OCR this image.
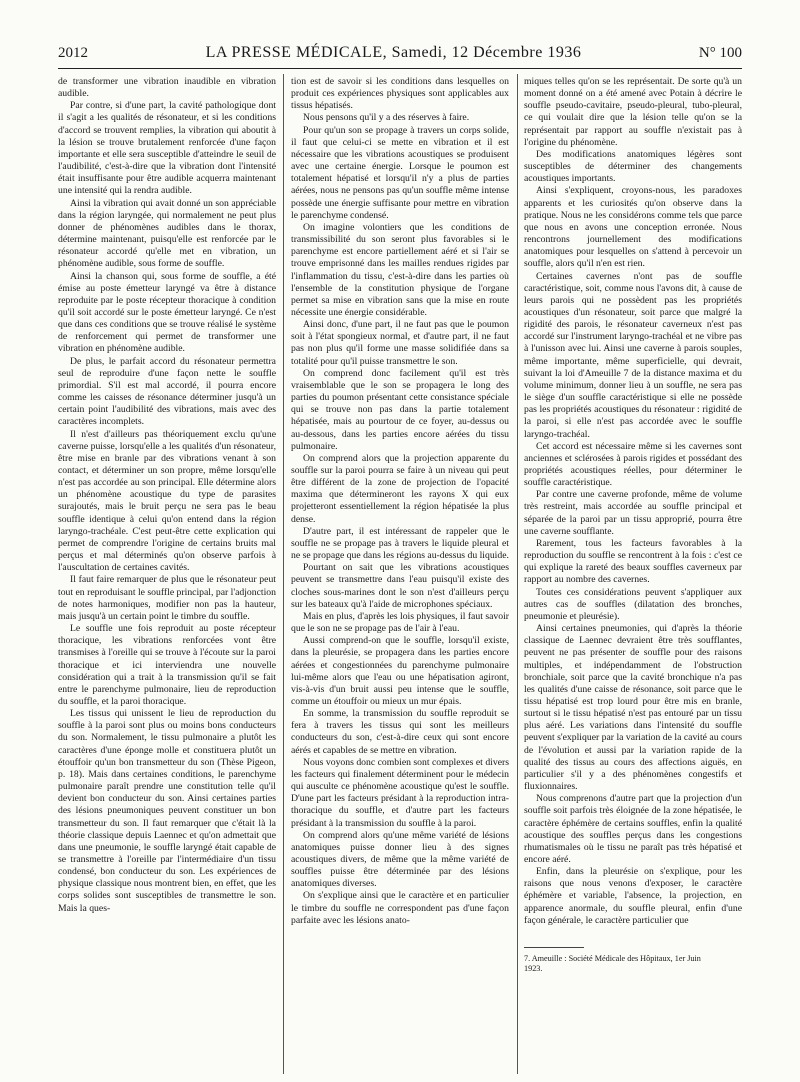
2012	LA PRESSE MÉDICALE, Samedi, 12 Décembre 1936	N° 100

de transformer une vibration inaudible en vibration audible.

Par contre, si d'une part, la cavité pathologique dont il s'agit a les qualités de résonateur, et si les conditions d'accord se trouvent remplies, la vibration qui aboutit à la lésion se trouve brutalement renforcée d'une façon importante et elle sera susceptible d'atteindre le seuil de l'audibilité, c'est-à-dire que la vibration dont l'intensité était insuffisante pour être audible acquerra maintenant une intensité qui la rendra audible.

Ainsi la vibration qui avait donné un son appréciable dans la région laryngée, qui normalement ne peut plus donner de phénomènes audibles dans le thorax, détermine maintenant, puisqu'elle est renforcée par le résonateur accordé qu'elle met en vibration, un phénomène audible, sous forme de souffle.

Ainsi la chanson qui, sous forme de souffle, a été émise au poste émetteur laryngé va être à distance reproduite par le poste récepteur thoracique à condition qu'il soit accordé sur le poste émetteur laryngé. Ce n'est que dans ces conditions que se trouve réalisé le système de renforcement qui permet de transformer une vibration en phénomène audible.

De plus, le parfait accord du résonateur permettra seul de reproduire d'une façon nette le souffle primordial. S'il est mal accordé, il pourra encore comme les caisses de résonance déterminer jusqu'à un certain point l'audibilité des vibrations, mais avec des caractères incomplets.

Il n'est d'ailleurs pas théoriquement exclu qu'une caverne puisse, lorsqu'elle a les qualités d'un résonateur, être mise en branle par des vibrations venant à son contact, et déterminer un son propre, même lorsqu'elle n'est pas accordée au son principal. Elle détermine alors un phénomène acoustique du type de parasites surajoutés, mais le bruit perçu ne sera pas le beau souffle identique à celui qu'on entend dans la région laryngo-trachéale. C'est peut-être cette explication qui permet de comprendre l'origine de certains bruits mal perçus et mal déterminés qu'on observe parfois à l'auscultation de certaines cavités.

Il faut faire remarquer de plus que le résonateur peut tout en reproduisant le souffle principal, par l'adjonction de notes harmoniques, modifier non pas la hauteur, mais jusqu'à un certain point le timbre du souffle.

Le souffle une fois reproduit au poste récepteur thoracique, les vibrations renforcées vont être transmises à l'oreille qui se trouve à l'écoute sur la paroi thoracique et ici interviendra une nouvelle considération qui a trait à la transmission qu'il se fait entre le parenchyme pulmonaire, lieu de reproduction du souffle, et la paroi thoracique.

Les tissus qui unissent le lieu de reproduction du souffle à la paroi sont plus ou moins bons conducteurs du son. Normalement, le tissu pulmonaire a plutôt les caractères d'une éponge molle et constituera plutôt un étouffoir qu'un bon transmetteur du son (Thèse Pigeon, p. 18). Mais dans certaines conditions, le parenchyme pulmonaire paraît prendre une constitution telle qu'il devient bon conducteur du son. Ainsi certaines parties des lésions pneumoniques peuvent constituer un bon transmetteur du son. Il faut remarquer que c'était là la théorie classique depuis Laennec et qu'on admettait que dans une pneumonie, le souffle laryngé était capable de se transmettre à l'oreille par l'intermédiaire d'un tissu condensé, bon conducteur du son. Les expériences de physique classique nous montrent bien, en effet, que les corps solides sont susceptibles de transmettre le son. Mais la ques-

tion est de savoir si les conditions dans lesquelles on produit ces expériences physiques sont applicables aux tissus hépatisés.

Nous pensons qu'il y a des réserves à faire.

Pour qu'un son se propage à travers un corps solide, il faut que celui-ci se mette en vibration et il est nécessaire que les vibrations acoustiques se produisent avec une certaine énergie. Lorsque le poumon est totalement hépatisé et lorsqu'il n'y a plus de parties aérées, nous ne pensons pas qu'un souffle même intense possède une énergie suffisante pour mettre en vibration le parenchyme condensé.

On imagine volontiers que les conditions de transmissibilité du son seront plus favorables si le parenchyme est encore partiellement aéré et si l'air se trouve emprisonné dans les mailles rendues rigides par l'inflammation du tissu, c'est-à-dire dans les parties où l'ensemble de la constitution physique de l'organe permet sa mise en vibration sans que la mise en route nécessite une énergie considérable.

Ainsi donc, d'une part, il ne faut pas que le poumon soit à l'état spongieux normal, et d'autre part, il ne faut pas non plus qu'il forme une masse solidifiée dans sa totalité pour qu'il puisse transmettre le son.

On comprend donc facilement qu'il est très vraisemblable que le son se propagera le long des parties du poumon présentant cette consistance spéciale qui se trouve non pas dans la partie totalement hépatisée, mais au pourtour de ce foyer, au-dessus ou au-dessous, dans les parties encore aérées du tissu pulmonaire.

On comprend alors que la projection apparente du souffle sur la paroi pourra se faire à un niveau qui peut être différent de la zone de projection de l'opacité maxima que détermineront les rayons X qui eux projetteront essentiellement la région hépatisée la plus dense.

D'autre part, il est intéressant de rappeler que le souffle ne se propage pas à travers le liquide pleural et ne se propage que dans les régions au-dessus du liquide.

Pourtant on sait que les vibrations acoustiques peuvent se transmettre dans l'eau puisqu'il existe des cloches sous-marines dont le son n'est d'ailleurs perçu sur les bateaux qu'à l'aide de microphones spéciaux.

Mais en plus, d'après les lois physiques, il faut savoir que le son ne se propage pas de l'air à l'eau.

Aussi comprend-on que le souffle, lorsqu'il existe, dans la pleurésie, se propagera dans les parties encore aérées et congestionnées du parenchyme pulmonaire lui-même alors que l'eau ou une hépatisation agiront, vis-à-vis d'un bruit aussi peu intense que le souffle, comme un étouffoir ou mieux un mur épais.

En somme, la transmission du souffle reproduit se fera à travers les tissus qui sont les meilleurs conducteurs du son, c'est-à-dire ceux qui sont encore aérés et capables de se mettre en vibration.

Nous voyons donc combien sont complexes et divers les facteurs qui finalement déterminent pour le médecin qui ausculte ce phénomène acoustique qu'est le souffle. D'une part les facteurs présidant à la reproduction intra-thoracique du souffle, et d'autre part les facteurs présidant à la transmission du souffle à la paroi.

On comprend alors qu'une même variété de lésions anatomiques puisse donner lieu à des signes acoustiques divers, de même que la même variété de souffles puisse être déterminée par des lésions anatomiques diverses.

On s'explique ainsi que le caractère et en particulier le timbre du souffle ne correspondent pas d'une façon parfaite avec les lésions anato-

miques telles qu'on se les représentait. De sorte qu'à un moment donné on a été amené avec Potain à décrire le souffle pseudo-cavitaire, pseudo-pleural, tubo-pleural, ce qui voulait dire que la lésion telle qu'on se la représentait par rapport au souffle n'existait pas à l'origine du phénomène.

Des modifications anatomiques légères sont susceptibles de déterminer des changements acoustiques importants.

Ainsi s'expliquent, croyons-nous, les paradoxes apparents et les curiosités qu'on observe dans la pratique. Nous ne les considérons comme tels que parce que nous en avons une conception erronée. Nous rencontrons journellement des modifications anatomiques pour lesquelles on s'attend à percevoir un souffle, alors qu'il n'en est rien.

Certaines cavernes n'ont pas de souffle caractéristique, soit, comme nous l'avons dit, à cause de leurs parois qui ne possèdent pas les propriétés acoustiques d'un résonateur, soit parce que malgré la rigidité des parois, le résonateur caverneux n'est pas accordé sur l'instrument laryngo-trachéal et ne vibre pas à l'unisson avec lui. Ainsi une caverne à parois souples, même importante, même superficielle, qui devrait, suivant la loi d'Ameuille 7 de la distance maxima et du volume minimum, donner lieu à un souffle, ne sera pas le siège d'un souffle caractéristique si elle ne possède pas les propriétés acoustiques du résonateur : rigidité de la paroi, si elle n'est pas accordée avec le souffle laryngo-trachéal.

Cet accord est nécessaire même si les cavernes sont anciennes et sclérosées à parois rigides et possédant des propriétés acoustiques réelles, pour déterminer le souffle caractéristique.

Par contre une caverne profonde, même de volume très restreint, mais accordée au souffle principal et séparée de la paroi par un tissu approprié, pourra être une caverne soufflante.

Rarement, tous les facteurs favorables à la reproduction du souffle se rencontrent à la fois : c'est ce qui explique la rareté des beaux souffles caverneux par rapport au nombre des cavernes.

Toutes ces considérations peuvent s'appliquer aux autres cas de souffles (dilatation des bronches, pneumonie et pleurésie).

Ainsi certaines pneumonies, qui d'après la théorie classique de Laennec devraient être très soufflantes, peuvent ne pas présenter de souffle pour des raisons multiples, et indépendamment de l'obstruction bronchiale, soit parce que la cavité bronchique n'a pas les qualités d'une caisse de résonance, soit parce que le tissu hépatisé est trop lourd pour être mis en branle, surtout si le tissu hépatisé n'est pas entouré par un tissu plus aéré. Les variations dans l'intensité du souffle peuvent s'expliquer par la variation de la cavité au cours de l'évolution et aussi par la variation rapide de la qualité des tissus au cours des affections aiguës, en particulier s'il y a des phénomènes congestifs et fluxionnaires.

Nous comprenons d'autre part que la projection d'un souffle soit parfois très éloignée de la zone hépatisée, le caractère éphémère de certains souffles, enfin la qualité acoustique des souffles perçus dans les congestions rhumatismales où le tissu ne paraît pas très hépatisé et encore aéré.

Enfin, dans la pleurésie on s'explique, pour les raisons que nous venons d'exposer, le caractère éphémère et variable, l'absence, la projection, en apparence anormale, du souffle pleural, enfin d'une façon générale, le caractère particulier que

7. Ameuille : Société Médicale des Hôpitaux, 1er Juin
1923.
